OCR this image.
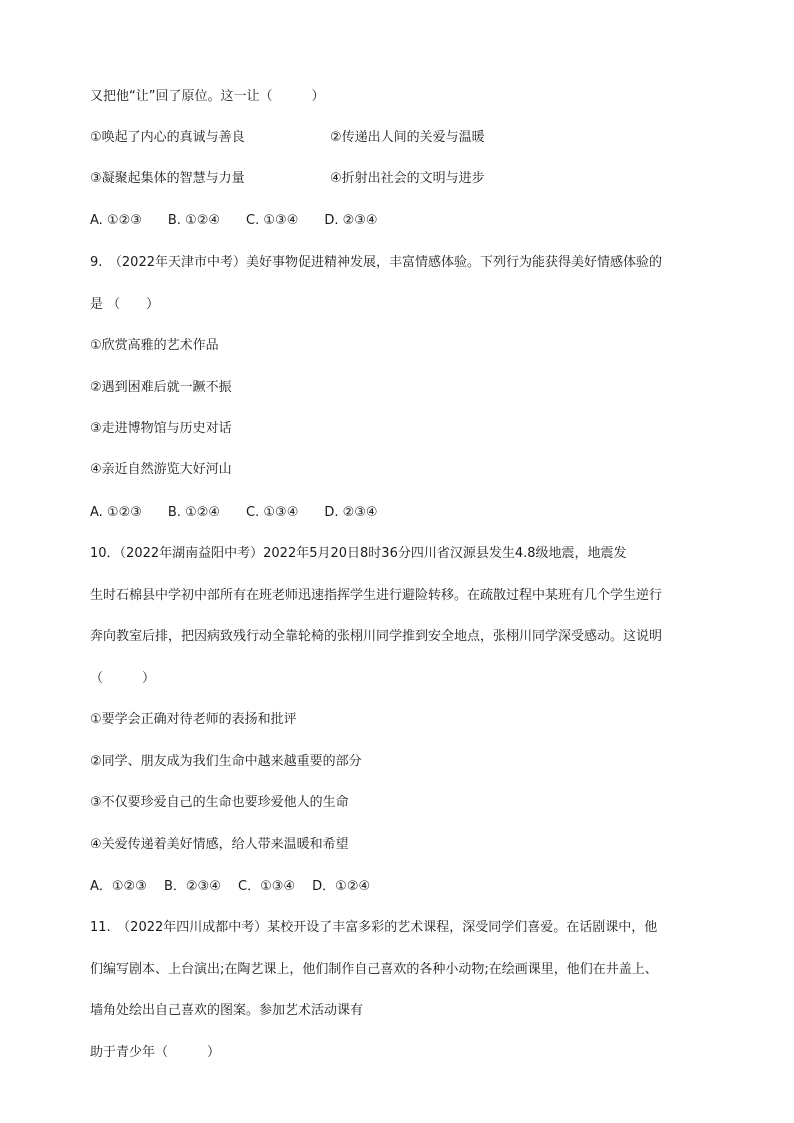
又把他“让”回了原位。这一让（　　　）
①唤起了内心的真诚与善良	②传递出人间的关爱与温暖
③凝聚起集体的智慧与力量	④折射出社会的文明与进步
A. ①②③　　B. ①②④　　C. ①③④　　D. ②③④
9.　（2022年天津市中考）美好事物促进精神发展，丰富情感体验。下列行为能获得美好情感体验的
是 （　　）
①欣赏高雅的艺术作品
②遇到困难后就一蹶不振
③走进博物馆与历史对话
④亲近自然游览大好河山
A. ①②③　　B. ①②④　　C. ①③④　　D. ②③④
10．（2022年湖南益阳中考）2022年5月20日8时36分四川省汉源县发生4.8级地震，地震发
生时石棉县中学初中部所有在班老师迅速指挥学生进行避险转移。在疏散过程中某班有几个学生逆行
奔向教室后排，把因病致残行动全靠轮椅的张栩川同学推到安全地点，张栩川同学深受感动。这说明
（　　　）
①要学会正确对待老师的表扬和批评
②同学、朋友成为我们生命中越来越重要的部分
③不仅要珍爱自己的生命也要珍爱他人的生命
④关爱传递着美好情感，给人带来温暖和希望
A．①②③　 B．②③④　 C．①③④　 D．①②④
11.　（2022年四川成都中考）某校开设了丰富多彩的艺术课程，深受同学们喜爱。在话剧课中，他
们编写剧本、上台演出;在陶艺课上，他们制作自己喜欢的各种小动物;在绘画课里，他们在井盖上、
墙角处绘出自己喜欢的图案。参加艺术活动课有
助于青少年（　　　）
